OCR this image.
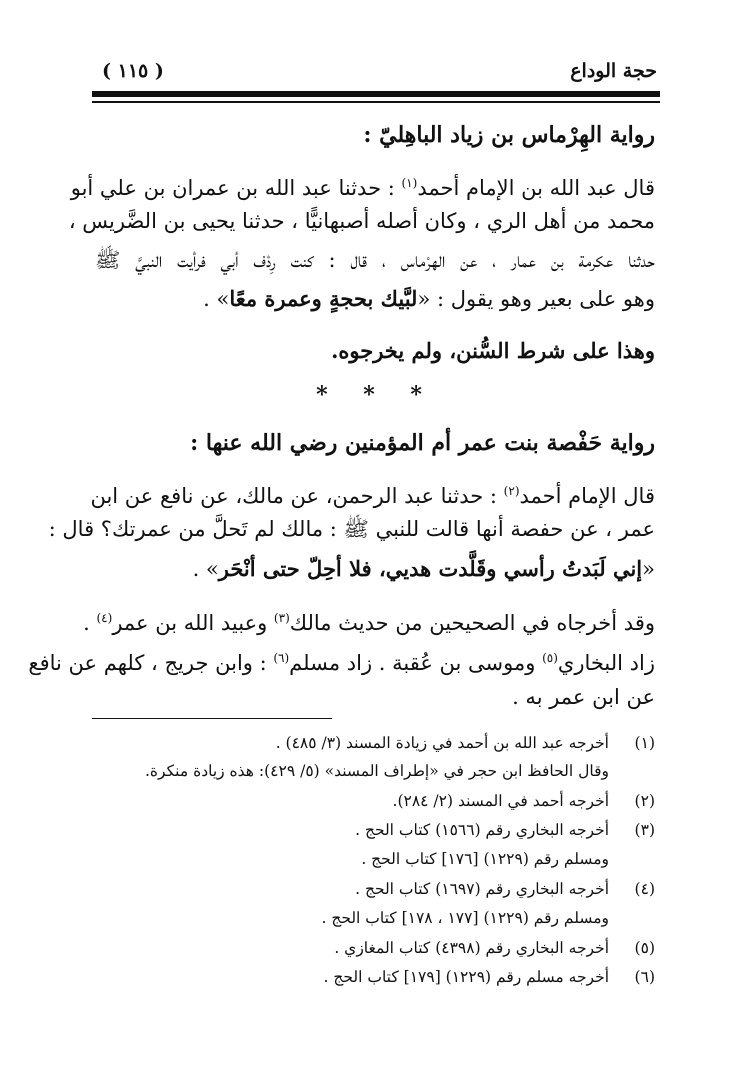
حجة الوداع
( ١١٥ )
رواية الهِرْماس بن زياد الباهِليّ :
قال عبد الله بن الإمام أحمد$^{(١)}$ : حدثنا عبد الله بن عمران بن علي أبو
محمد من أهل الري ، وكان أصله أصبهانيًّا ، حدثنا يحيى بن الضَّريس ،
حدثنا عكرمة بن عمار ، عن الهرْماس ، قال : كنت رِدْف أبي فرأيت النبيَّ ﷺ
وهو على بعير وهو يقول : «لبَّيك بحجةٍ وعمرة معًا» .
وهذا على شرط السُّنن، ولم يخرجوه.
* * *
رواية حَفْصة بنت عمر أم المؤمنين رضي الله عنها :
قال الإمام أحمد$^{(٢)}$ : حدثنا عبد الرحمن، عن مالك، عن نافع عن ابن
عمر ، عن حفصة أنها قالت للنبي ﷺ : مالك لم تَحلَّ من عمرتك؟ قال :
«إني لَبَدتُ رأسي وقَلَّدت هديي، فلا أحِلّ حتى أنْحَر» .
وقد أخرجاه في الصحيحين من حديث مالك$^{(٣)}$ وعبيد الله بن عمر$^{(٤)}$ .
زاد البخاري$^{(٥)}$ وموسى بن عُقبة . زاد مسلم$^{(٦)}$ : وابن جريج ، كلهم عن نافع
عن ابن عمر به .
(١)أخرجه عبد الله بن أحمد في زيادة المسند (٣/ ٤٨٥) .
وقال الحافظ ابن حجر في «إطراف المسند» (٥/ ٤٢٩): هذه زيادة منكرة.
(٢)أخرجه أحمد في المسند (٢/ ٢٨٤).
(٣)أخرجه البخاري رقم (١٥٦٦) كتاب الحج .
ومسلم رقم (١٢٢٩) [١٧٦] كتاب الحج .
(٤)أخرجه البخاري رقم (١٦٩٧) كتاب الحج .
ومسلم رقم (١٢٢٩) [١٧٧ ، ١٧٨] كتاب الحج .
(٥)أخرجه البخاري رقم (٤٣٩٨) كتاب المغازي .
(٦)أخرجه مسلم رقم (١٢٢٩) [١٧٩] كتاب الحج .
